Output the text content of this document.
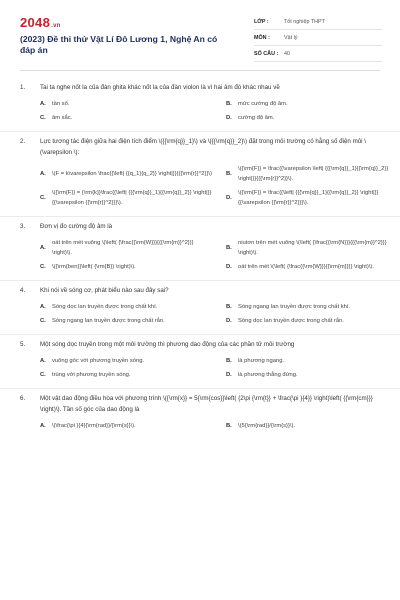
2048.vn
(2023) Đề thi thử Vật Lí Đô Lương 1, Nghệ An có đáp án
LỚP :	Tốt nghiệp THPT
MÔN :	Vật lý
SỐ CÂU :	40
1.	Tai ta nghe nốt la của đàn ghita khác nốt la của đàn violon là vì hai âm đó khác nhau về
A.	tần số.	B.	mức cường độ âm.
C.	âm sắc.	D.	cường độ âm.
2.	Lực tương tác điện giữa hai điện tích điểm \({{\rm{q}}_1}\) và \({{\rm{q}}_2}\) đặt trong môi trường có hằng số điện môi \(\varepsilon \):
A.	\(F = k\varepsilon \frac{{\left| {{q_1}{q_2}} \right|}}{{{\rm{r}}^2}}\) B.
\({\rm{F}} = \frac{{\varepsilon \left| {{{\rm{q}}_1}{{\rm{q}}_2}} \right|}}{{{\rm{r}}^2}}\).
C.
\({\rm{F}} = {\rm{k}}\frac{{\left| {{{\rm{q}}_1}{{\rm{q}}_2}} \right|}}{{\varepsilon {{\rm{r}}^2}}}\).
D.
\({\rm{F}} = \frac{{\left| {{{\rm{q}}_1}{{\rm{q}}_2}} \right|}}{{\varepsilon {{\rm{r}}^2}}}\).
3.	Đơn vị đo cường độ âm là
A.
oát trên mét vuông \(\left( {\frac{{\rm{W}}}{{{\rm{m}}^2}}} \right)\).
B.
niutơn trên mét vuông \(\left( {\frac{{\rm{N}}}{{{\rm{m}}^2}}} \right)\).
C.	\({\rm{ben}}\left( {\rm{B}} \right)\).	D.	oát trên mét \(\left( {\frac{{\rm{W}}}{{\rm{m}}}} \right)\).
4.	Khi nói về sóng cơ, phát biểu nào sau đây sai?
A.	Sóng dọc lan truyền được trong chất khí.	B.	Sóng ngang lan truyền được trong chất khí.
C.	Sóng ngang lan truyền được trong chất rắn.	D.	Sóng dọc lan truyền được trong chất rắn.
5.	Một sóng dọc truyền trong một môi trường thì phương dao động của các phần tử môi trường
A.	vuông góc với phương truyền sóng.	B.	là phương ngang.
C.	trùng với phương truyền sóng.	D.	là phương thẳng đứng.
6.	Một vật dao động điều hòa với phương trình \({\rm{x}} = 5{\rm{cos}}\left( {2\pi {\rm{t}} + \frac{\pi }{4}} \right)\left( {{\rm{cm}}} \right)\). Tần số góc của dao động là
A.	\(\frac{\pi }{4}{\rm{rad}}/{\rm{s}}\).	B.	\(5{\rm{rad}}/{\rm{s}}\).
